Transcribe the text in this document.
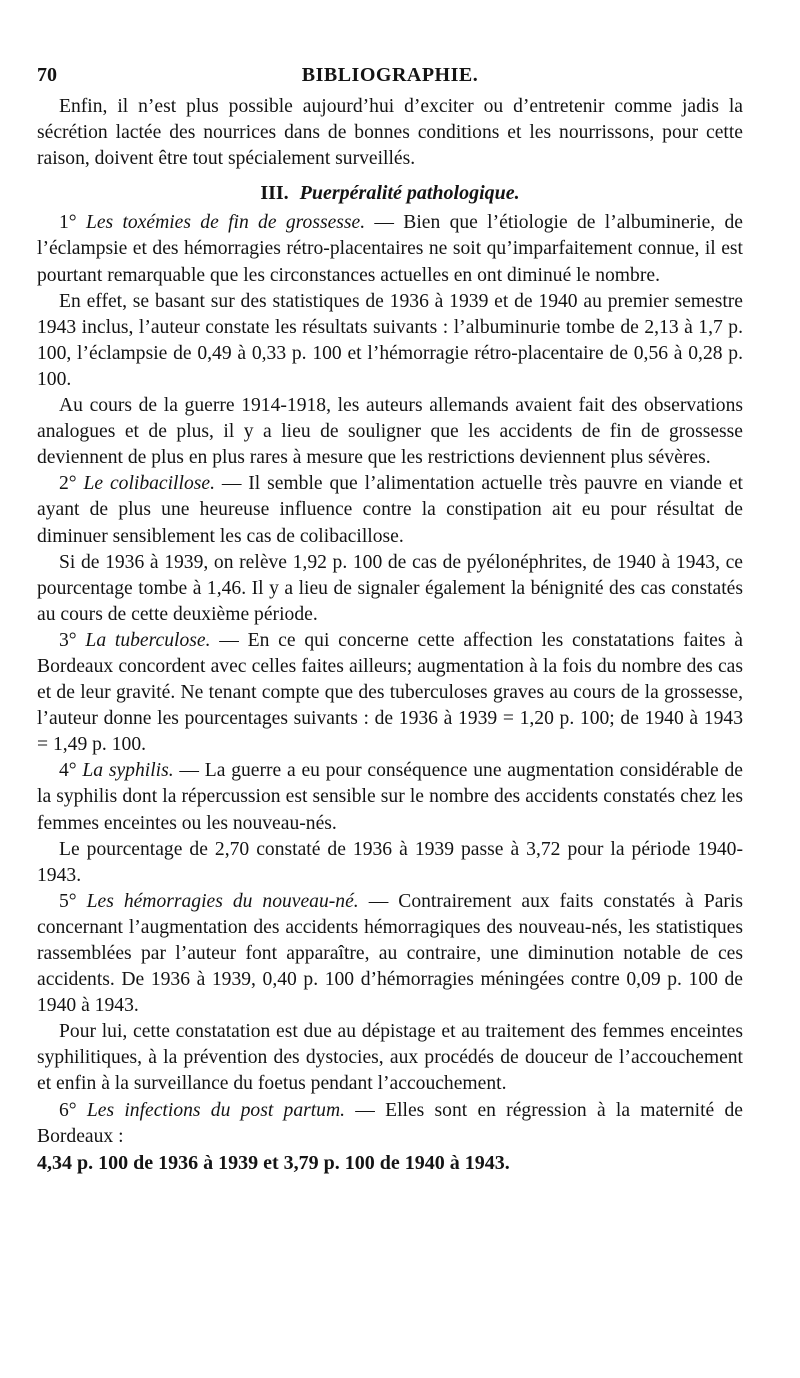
70	BIBLIOGRAPHIE.

Enfin, il n’est plus possible aujourd’hui d’exciter ou d’entretenir comme jadis la sécrétion lactée des nourrices dans de bonnes conditions et les nourrissons, pour cette raison, doivent être tout spécialement surveillés.

III. Puerpéralité pathologique.

1° Les toxémies de fin de grossesse. — Bien que l’étiologie de l’albuminerie, de l’éclampsie et des hémorragies rétro-placentaires ne soit qu’imparfaitement connue, il est pourtant remarquable que les circonstances actuelles en ont diminué le nombre.

En effet, se basant sur des statistiques de 1936 à 1939 et de 1940 au premier semestre 1943 inclus, l’auteur constate les résultats suivants : l’albuminurie tombe de 2,13 à 1,7 p. 100, l’éclampsie de 0,49 à 0,33 p. 100 et l’hémorragie rétro-placentaire de 0,56 à 0,28 p. 100.

Au cours de la guerre 1914-1918, les auteurs allemands avaient fait des observations analogues et de plus, il y a lieu de souligner que les accidents de fin de grossesse deviennent de plus en plus rares à mesure que les restrictions deviennent plus sévères.

2° Le colibacillose. — Il semble que l’alimentation actuelle très pauvre en viande et ayant de plus une heureuse influence contre la constipation ait eu pour résultat de diminuer sensiblement les cas de colibacillose.

Si de 1936 à 1939, on relève 1,92 p. 100 de cas de pyélonéphrites, de 1940 à 1943, ce pourcentage tombe à 1,46. Il y a lieu de signaler également la bénignité des cas constatés au cours de cette deuxième période.

3° La tuberculose. — En ce qui concerne cette affection les constatations faites à Bordeaux concordent avec celles faites ailleurs; augmentation à la fois du nombre des cas et de leur gravité. Ne tenant compte que des tuberculoses graves au cours de la grossesse, l’auteur donne les pourcentages suivants : de 1936 à 1939 = 1,20 p. 100; de 1940 à 1943 = 1,49 p. 100.

4° La syphilis. — La guerre a eu pour conséquence une augmentation considérable de la syphilis dont la répercussion est sensible sur le nombre des accidents constatés chez les femmes enceintes ou les nouveau-nés.

Le pourcentage de 2,70 constaté de 1936 à 1939 passe à 3,72 pour la période 1940-1943.

5° Les hémorragies du nouveau-né. — Contrairement aux faits constatés à Paris concernant l’augmentation des accidents hémorragiques des nouveau-nés, les statistiques rassemblées par l’auteur font apparaître, au contraire, une diminution notable de ces accidents. De 1936 à 1939, 0,40 p. 100 d’hémorragies méningées contre 0,09 p. 100 de 1940 à 1943.

Pour lui, cette constatation est due au dépistage et au traitement des femmes enceintes syphilitiques, à la prévention des dystocies, aux procédés de douceur de l’accouchement et enfin à la surveillance du foetus pendant l’accouchement.

6° Les infections du post partum. — Elles sont en régression à la maternité de Bordeaux :

4,34 p. 100 de 1936 à 1939 et 3,79 p. 100 de 1940 à 1943.
